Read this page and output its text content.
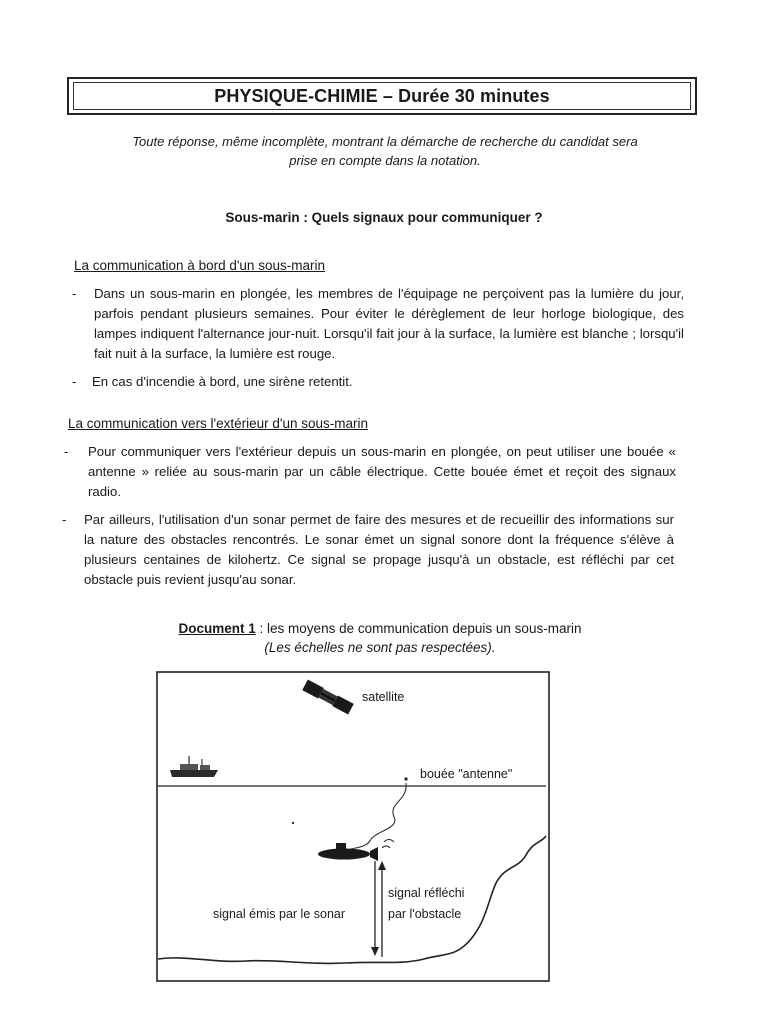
PHYSIQUE-CHIMIE – Durée 30 minutes
Toute réponse, même incomplète, montrant la démarche de recherche du candidat sera
prise en compte dans la notation.
Sous-marin : Quels signaux pour communiquer ?
La communication à bord d'un sous-marin
- Dans un sous-marin en plongée, les membres de l'équipage ne perçoivent pas la lumière du jour, parfois pendant plusieurs semaines. Pour éviter le dérèglement de leur horloge biologique, des lampes indiquent l'alternance jour-nuit. Lorsqu'il fait jour à la surface, la lumière est blanche ; lorsqu'il fait nuit à la surface, la lumière est rouge.
- En cas d'incendie à bord, une sirène retentit.
La communication vers l'extérieur d'un sous-marin
- Pour communiquer vers l'extérieur depuis un sous-marin en plongée, on peut utiliser une bouée « antenne » reliée au sous-marin par un câble électrique. Cette bouée émet et reçoit des signaux radio.
- Par ailleurs, l'utilisation d'un sonar permet de faire des mesures et de recueillir des informations sur la nature des obstacles rencontrés. Le sonar émet un signal sonore dont la fréquence s'élève à plusieurs centaines de kilohertz. Ce signal se propage jusqu'à un obstacle, est réfléchi par cet obstacle puis revient jusqu'au sonar.
Document 1 : les moyens de communication depuis un sous-marin
(Les échelles ne sont pas respectées).
satellite
bouée "antenne"
signal réfléchi
par l'obstacle
signal émis par le sonar
